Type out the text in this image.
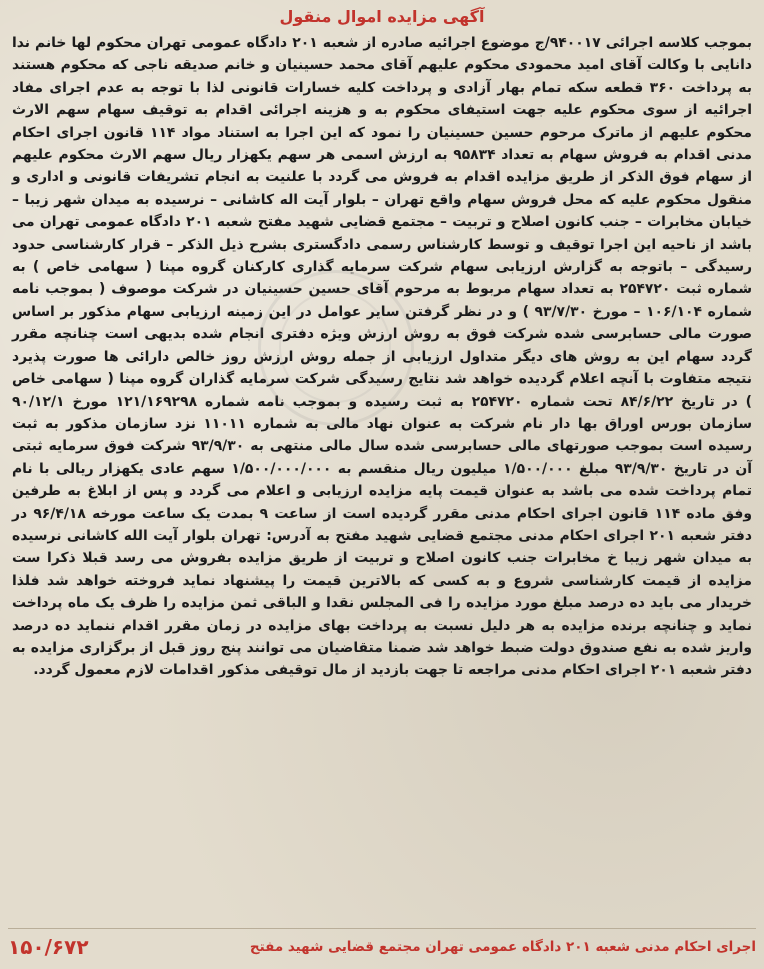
آگهی مزایده اموال منقول

بموجب کلاسه اجرائی ۹۴۰۰۱۷/ج موضوع اجرائیه صادره از شعبه ۲۰۱ دادگاه عمومی تهران محکوم لها خانم ندا دانایی با وکالت آقای امید محمودی محکوم علیهم آقای محمد حسینیان و خانم صدیقه ناجی که محکوم هستند به پرداخت ۳۶۰ قطعه سکه تمام بهار آزادی و پرداخت کلیه خسارات قانونی لذا با توجه به عدم اجرای مفاد اجرائیه از سوی محکوم علیه جهت استیفای محکوم به و هزینه اجرائی اقدام به توقیف سهام سهم الارث محکوم علیهم از ماترک مرحوم حسین حسینیان را نمود که این اجرا به استناد مواد ۱۱۴ قانون اجرای احکام مدنی اقدام به فروش سهام به تعداد ۹۵۸۳۴ به ارزش اسمی هر سهم یکهزار ریال سهم الارث محکوم علیهم از سهام فوق الذکر از طریق مزایده اقدام به فروش می گردد با علنیت به انجام تشریفات قانونی و اداری و منقول محکوم علیه که محل فروش سهام واقع تهران – بلوار آیت اله کاشانی – نرسیده به میدان شهر زیبا – خیابان مخابرات – جنب کانون اصلاح و تربیت – مجتمع قضایی شهید مفتح شعبه ۲۰۱ دادگاه عمومی تهران می باشد از ناحیه این اجرا توقیف و توسط کارشناس رسمی دادگستری بشرح ذیل الذکر – قرار کارشناسی حدود رسیدگی – باتوجه به گزارش ارزیابی سهام شرکت سرمایه گذاری کارکنان گروه مپنا ( سهامی خاص ) به شماره ثبت ۲۵۴۷۲۰ به تعداد سهام مربوط به مرحوم آقای حسین حسینیان در شرکت موصوف ( بموجب نامه شماره ۱۰۶/۱۰۴ – مورخ ۹۳/۷/۳۰ ) و در نظر گرفتن سایر عوامل در این زمینه ارزیابی سهام مذکور بر اساس صورت مالی حسابرسی شده شرکت فوق به روش ارزش ویژه دفتری انجام شده بدیهی است چنانچه مقرر گردد سهام این به روش های دیگر متداول ارزیابی از جمله روش ارزش روز خالص دارائی ها صورت پذیرد نتیجه متفاوت با آنچه اعلام گردیده خواهد شد نتایج رسیدگی شرکت سرمایه گذاران گروه مپنا ( سهامی خاص ) در تاریخ ۸۴/۶/۲۲ تحت شماره ۲۵۴۷۲۰ به ثبت رسیده و بموجب نامه شماره ۱۲۱/۱۶۹۲۹۸ مورخ ۹۰/۱۲/۱ سازمان بورس اوراق بها دار نام شرکت به عنوان نهاد مالی به شماره ۱۱۰۱۱ نزد سازمان مذکور به ثبت رسیده است بموجب صورتهای مالی حسابرسی شده سال مالی منتهی به ۹۳/۹/۳۰ شرکت فوق سرمایه ثبتی آن در تاریخ ۹۳/۹/۳۰ مبلغ ۱/۵۰۰/۰۰۰ میلیون ریال منقسم به ۱/۵۰۰/۰۰۰/۰۰۰ سهم عادی یکهزار ریالی با نام تمام پرداخت شده می باشد به عنوان قیمت پایه مزایده ارزیابی و اعلام می گردد و پس از ابلاغ به طرفین وفق ماده ۱۱۴ قانون اجرای احکام مدنی مقرر گردیده است از ساعت ۹ بمدت یک ساعت مورخه ۹۶/۴/۱۸ در دفتر شعبه ۲۰۱ اجرای احکام مدنی مجتمع قضایی شهید مفتح به آدرس: تهران بلوار آیت الله کاشانی نرسیده به میدان شهر زیبا خ مخابرات جنب کانون اصلاح و تربیت از طریق مزایده بفروش می رسد قبلا ذکرا ست مزایده از قیمت کارشناسی شروع و به کسی که بالاترین قیمت را پیشنهاد نماید فروخته خواهد شد فلذا خریدار می باید ده درصد مبلغ مورد مزایده را فی المجلس نقدا و الباقی ثمن مزایده را ظرف یک ماه پرداخت نماید و چنانچه برنده مزایده به هر دلیل نسبت به پرداخت بهای مزایده در زمان مقرر اقدام ننماید ده درصد واریز شده به نفع صندوق دولت ضبط خواهد شد ضمنا متقاضیان می توانند پنج روز قبل از برگزاری مزایده به دفتر شعبه ۲۰۱ اجرای احکام مدنی مراجعه تا جهت بازدید از مال توقیفی مذکور اقدامات لازم معمول گردد.

اجرای احکام مدنی شعبه ۲۰۱ دادگاه عمومی تهران مجتمع قضایی شهید مفتح
۱۵۰/۶۷۲
